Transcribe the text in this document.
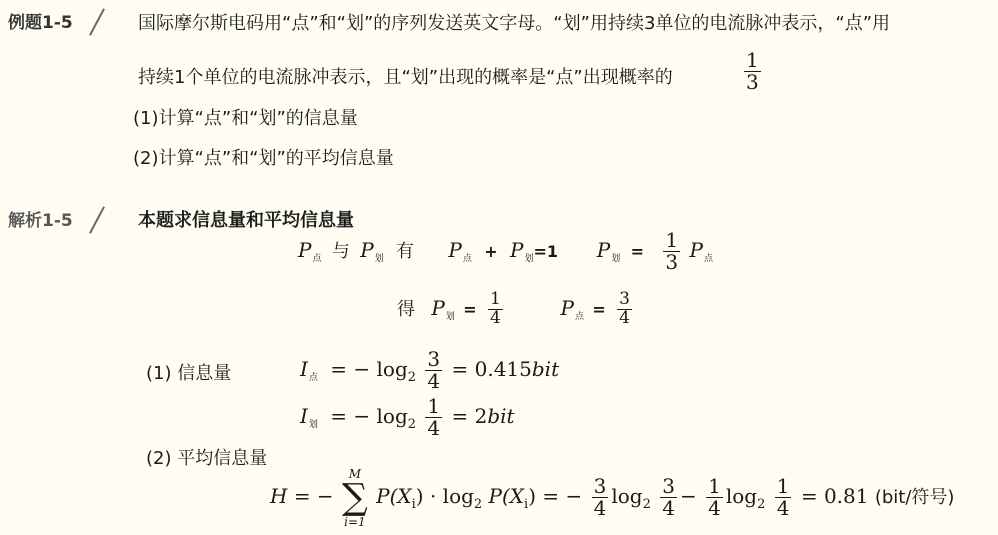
例题1-5	国际摩尔斯电码用“点”和“划”的序列发送英文字母。“划”用持续3单位的电流脉冲表示，“点”用
持续1个单位的电流脉冲表示，且“划”出现的概率是“点”出现概率的	$\frac{1}{3}$
(1)计算“点”和“划”的信息量
(2)计算“点”和“划”的平均信息量
解析1-5	本题求信息量和平均信息量
$P_点$ 与 $P_划$ 有 $P_点 + P_划=1$ $P_划 = \frac{1}{3} P_点$
得 $P_划 = \frac{1}{4}$	$P_点 = \frac{3}{4}$
(1) 信息量	$I_点$ = − $\log_2 \frac{3}{4} = 0.415bit$
$I_划$ = − $\log_2 \frac{1}{4} = 2bit$
(2) 平均信息量
H = −
M
∑
i=1
$P(X_i) \cdot \log_2 P(X_i)$ = − $\frac{3}{4} \log_2 \frac{3}{4} - \frac{1}{4} \log_2 \frac{1}{4} = 0.81$ (bit/符号)
